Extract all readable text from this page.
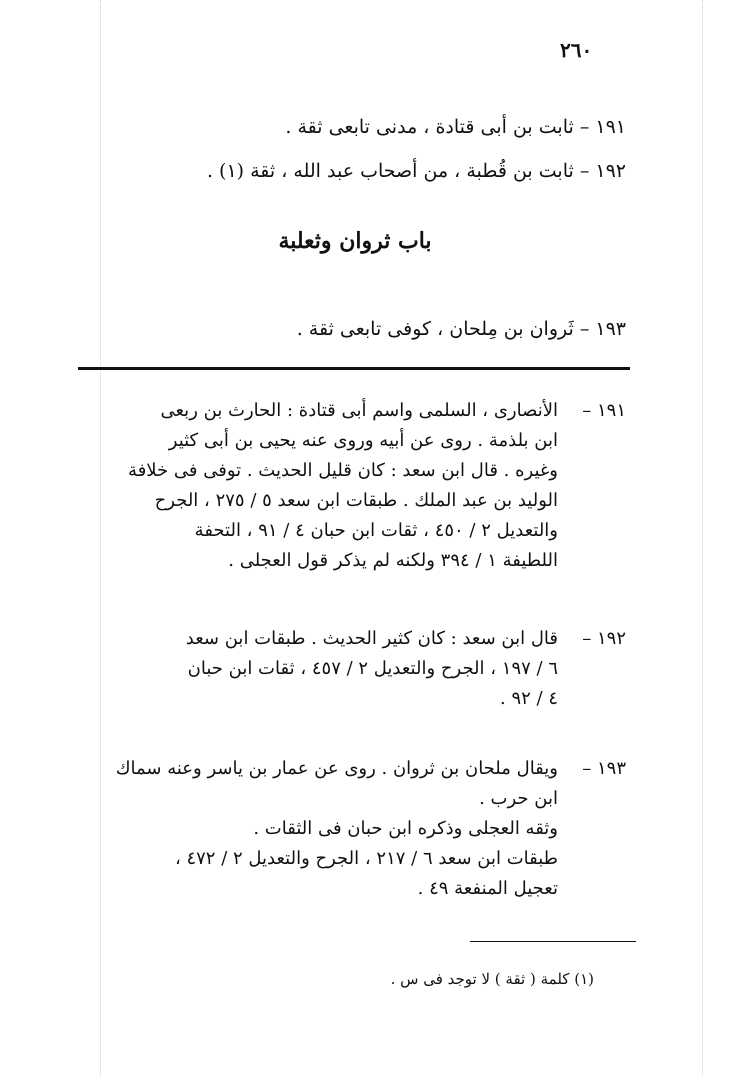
٢٦٠
١٩١ – ثابت بن أبى قتادة ، مدنى تابعى ثقة .
١٩٢ – ثابت بن قُطبة ، من أصحاب عبد الله ، ثقة (١) .
باب ثروان وثعلبة
١٩٣ – ثَروان بن مِلحان ، كوفى تابعى ثقة .
١٩١ –
الأنصارى ، السلمى واسم أبى قتادة : الحارث بن ربعى
ابن بلذمة . روى عن أبيه وروى عنه يحيى بن أبى كثير
وغيره . قال ابن سعد : كان قليل الحديث . توفى فى خلافة
الوليد بن عبد الملك . طبقات ابن سعد ٥ / ٢٧٥ ، الجرح
والتعديل ٢ / ٤٥٠ ، ثقات ابن حبان ٤ / ٩١ ، التحفة
اللطيفة ١ / ٣٩٤ ولكنه لم يذكر قول العجلى .
١٩٢ –
قال ابن سعد : كان كثير الحديث . طبقات ابن سعد
٦ / ١٩٧ ، الجرح والتعديل ٢ / ٤٥٧ ، ثقات ابن حبان
٤ / ٩٢ .
١٩٣ –
ويقال ملحان بن ثروان . روى عن عمار بن ياسر وعنه سماك
ابن حرب .
وثقه العجلى وذكره ابن حبان فى الثقات .
طبقات ابن سعد ٦ / ٢١٧ ، الجرح والتعديل ٢ / ٤٧٢ ،
تعجيل المنفعة ٤٩ .
(١) كلمة ( ثقة ) لا توجد فى س .
